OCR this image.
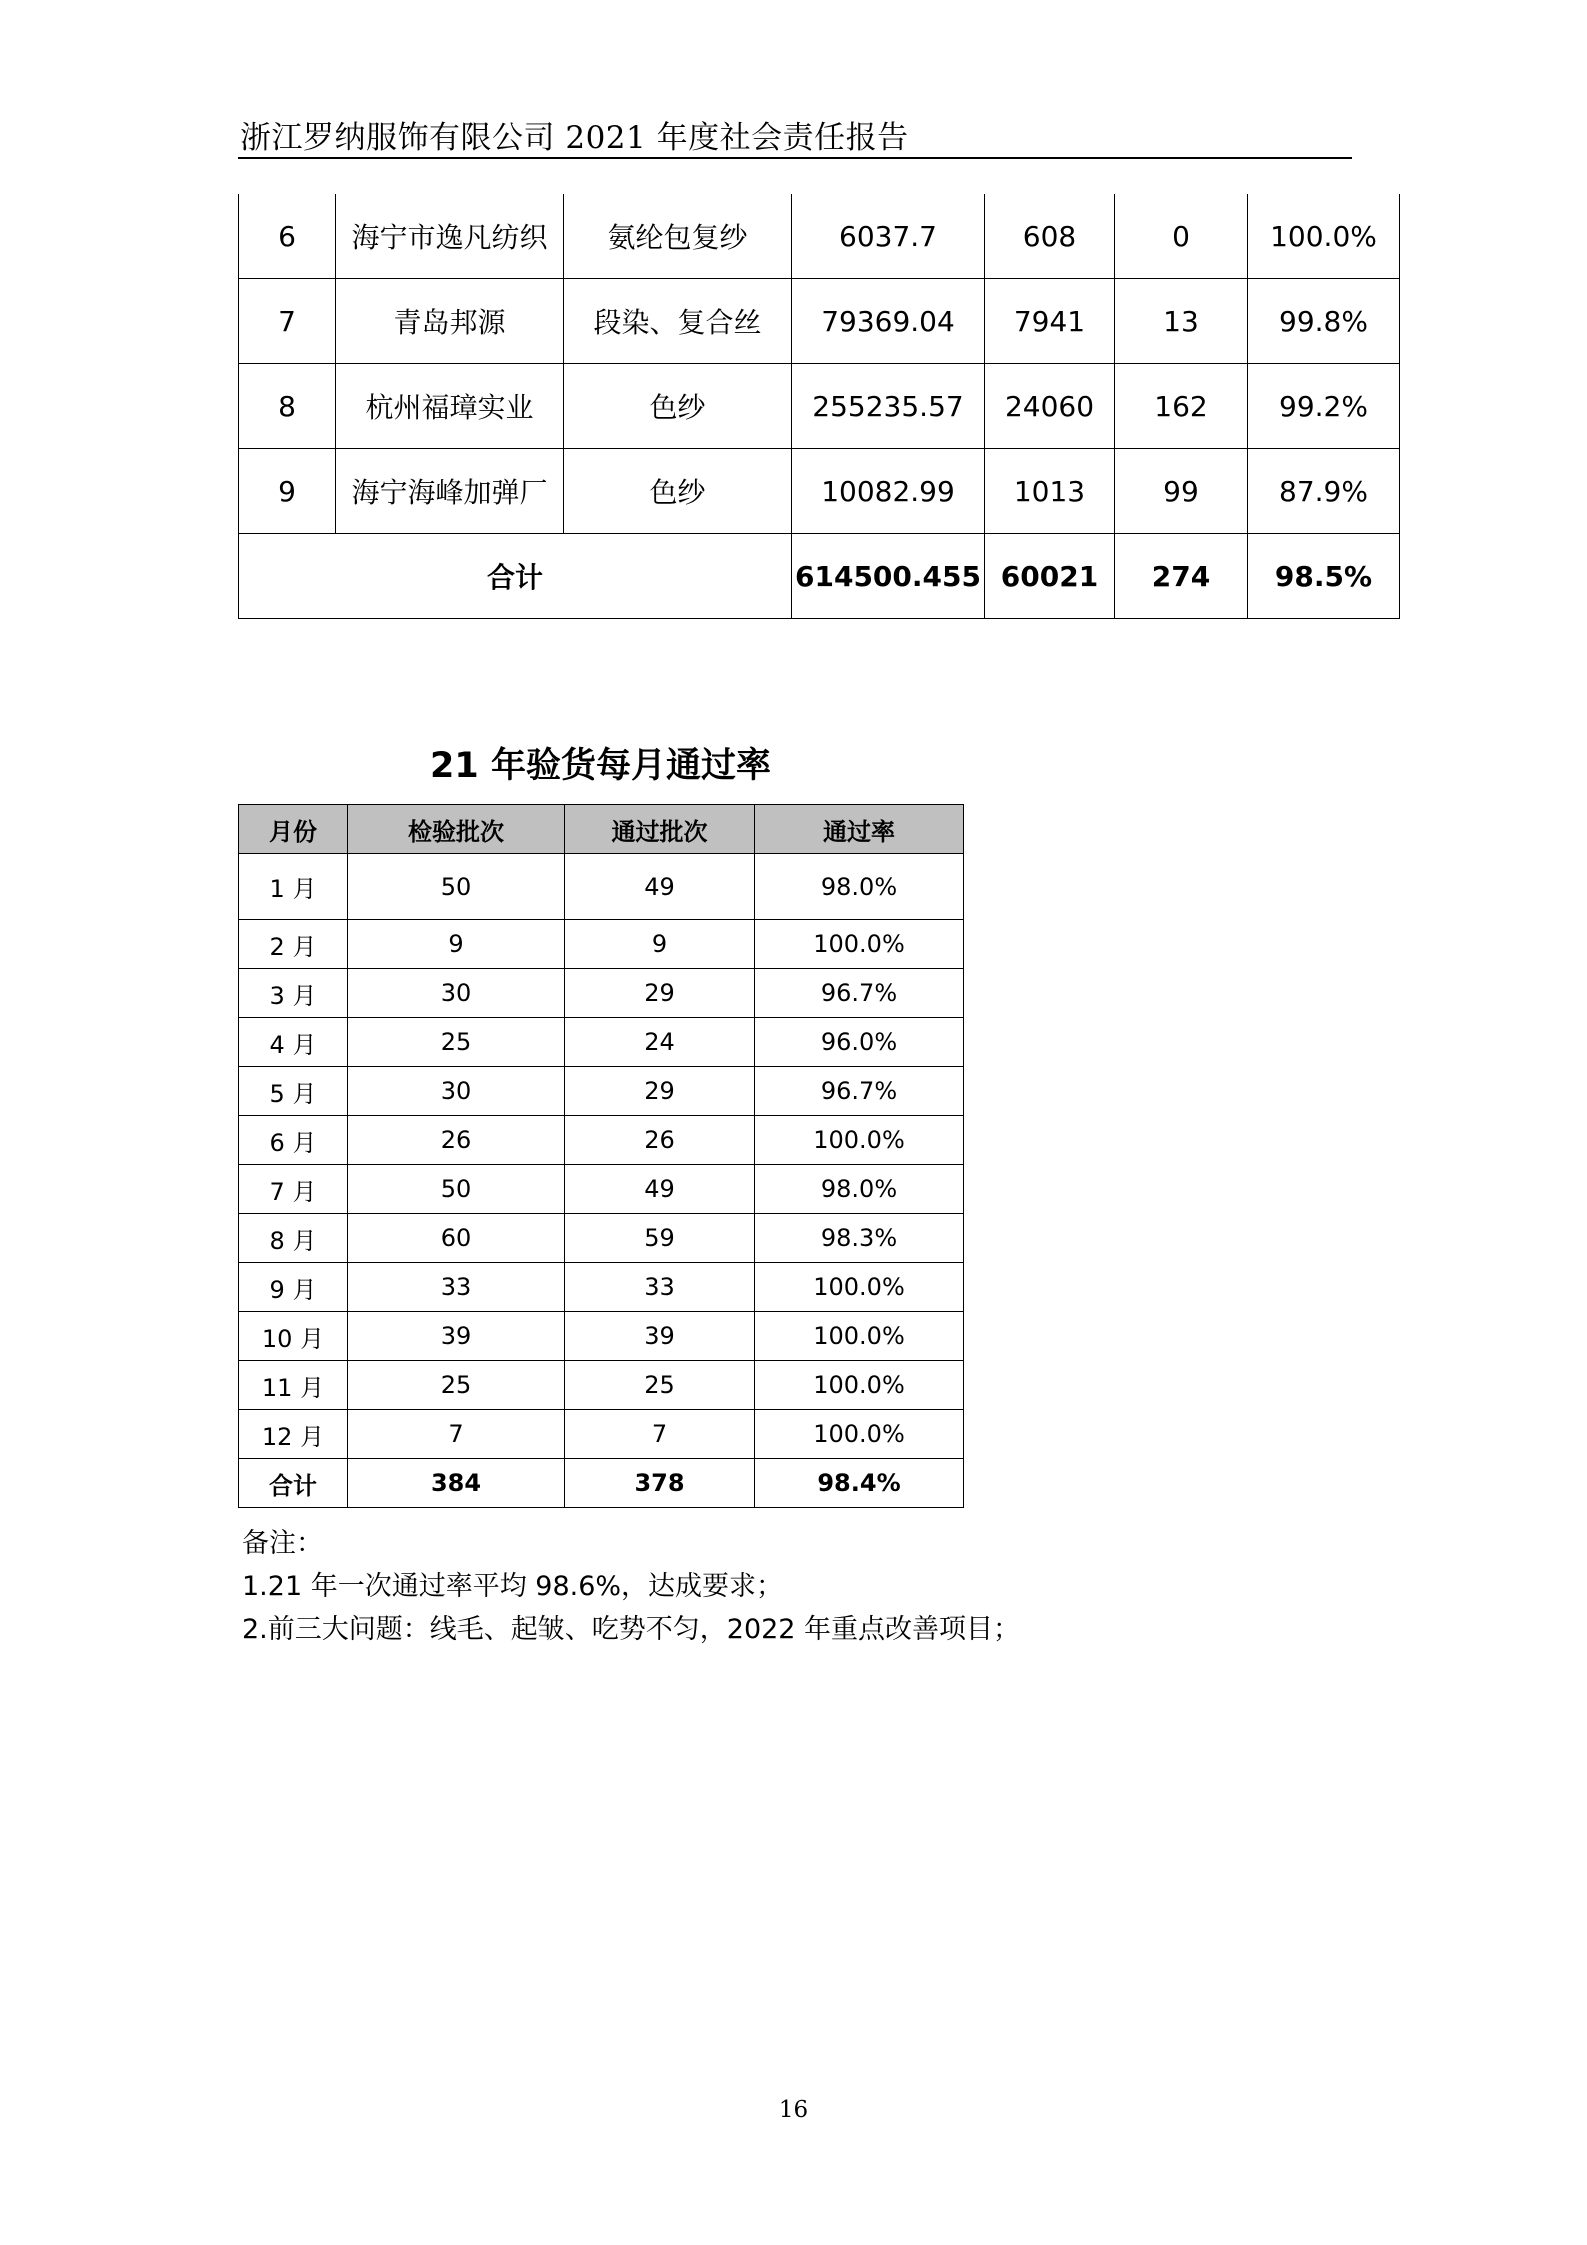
浙江罗纳服饰有限公司 2021 年度社会责任报告
6	海宁市逸凡纺织	氨纶包复纱	6037.7	608	0	100.0%
7	青岛邦源	段染、复合丝	79369.04	7941	13	99.8%
8	杭州福璋实业	色纱	255235.57	24060	162	99.2%
9	海宁海峰加弹厂	色纱	10082.99	1013	99	87.9%
合计			614500.455	60021	274	98.5%
21 年验货每月通过率
月份	检验批次	通过批次	通过率
1 月	50	49	98.0%
2 月	9	9	100.0%
3 月	30	29	96.7%
4 月	25	24	96.0%
5 月	30	29	96.7%
6 月	26	26	100.0%
7 月	50	49	98.0%
8 月	60	59	98.3%
9 月	33	33	100.0%
10 月	39	39	100.0%
11 月	25	25	100.0%
12 月	7	7	100.0%
合计	384	378	98.4%
备注：
1.21 年一次通过率平均 98.6%，达成要求；
2.前三大问题：线毛、起皱、吃势不匀，2022 年重点改善项目；
16
